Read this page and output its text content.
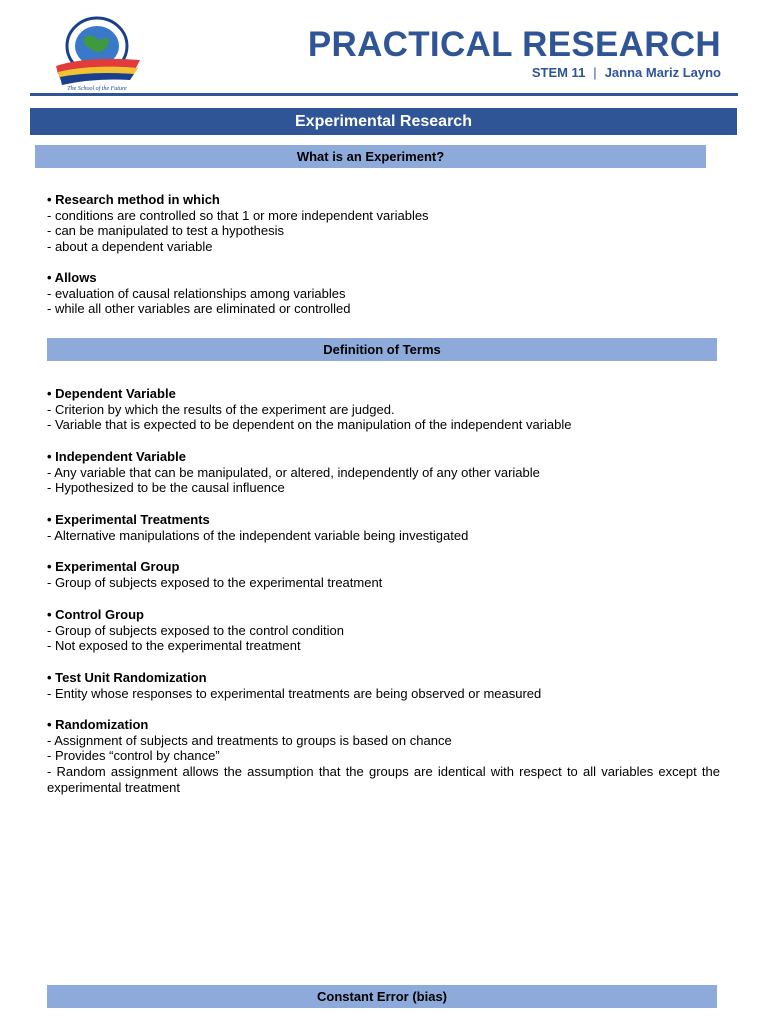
The School of the Future
PRACTICAL RESEARCH
STEM 11 | Janna Mariz Layno
Experimental Research
What is an Experiment?
• Research method in which
- conditions are controlled so that 1 or more independent variables
- can be manipulated to test a hypothesis
- about a dependent variable
• Allows
- evaluation of causal relationships among variables
- while all other variables are eliminated or controlled
Definition of Terms
• Dependent Variable
- Criterion by which the results of the experiment are judged.
- Variable that is expected to be dependent on the manipulation of the independent variable
• Independent Variable
- Any variable that can be manipulated, or altered, independently of any other variable
- Hypothesized to be the causal influence
• Experimental Treatments
- Alternative manipulations of the independent variable being investigated
• Experimental Group
- Group of subjects exposed to the experimental treatment
• Control Group
- Group of subjects exposed to the control condition
- Not exposed to the experimental treatment
• Test Unit Randomization
- Entity whose responses to experimental treatments are being observed or measured
• Randomization
- Assignment of subjects and treatments to groups is based on chance
- Provides “control by chance”
- Random assignment allows the assumption that the groups are identical with respect to all variables except the experimental treatment
Constant Error (bias)
